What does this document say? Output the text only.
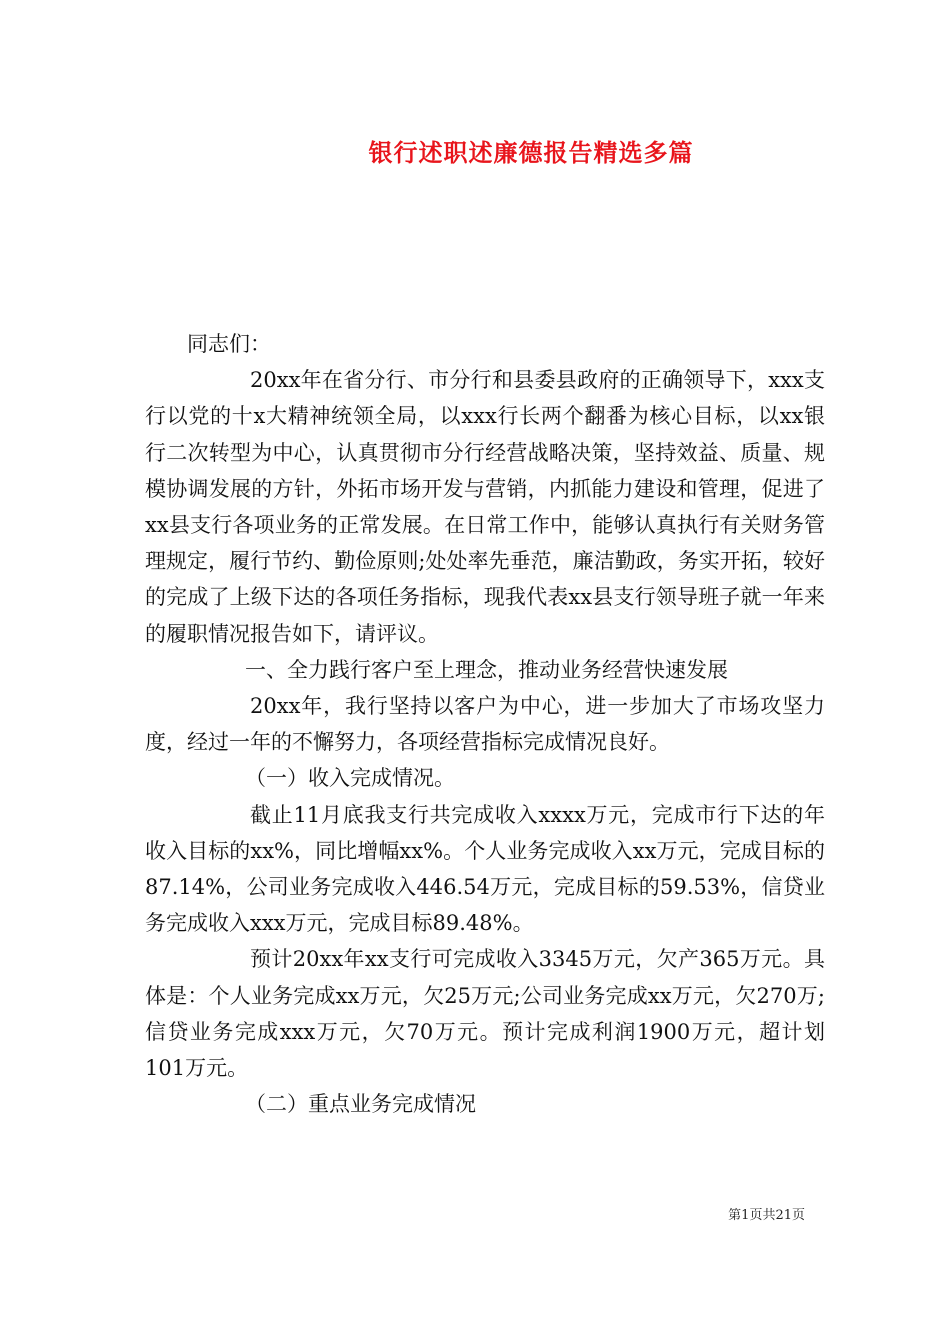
银行述职述廉德报告精选多篇

同志们：

20xx年在省分行、市分行和县委县政府的正确领导下，xxx支行以党的十x大精神统领全局，以xxx行长两个翻番为核心目标，以xx银行二次转型为中心，认真贯彻市分行经营战略决策，坚持效益、质量、规模协调发展的方针，外拓市场开发与营销，内抓能力建设和管理，促进了xx县支行各项业务的正常发展。在日常工作中，能够认真执行有关财务管理规定，履行节约、勤俭原则;处处率先垂范，廉洁勤政，务实开拓，较好的完成了上级下达的各项任务指标，现我代表xx县支行领导班子就一年来的履职情况报告如下，请评议。

一、全力践行客户至上理念，推动业务经营快速发展

20xx年，我行坚持以客户为中心，进一步加大了市场攻坚力度，经过一年的不懈努力，各项经营指标完成情况良好。

（一）收入完成情况。

截止11月底我支行共完成收入xxxx万元，完成市行下达的年收入目标的xx%，同比增幅xx%。个人业务完成收入xx万元，完成目标的87.14%，公司业务完成收入446.54万元，完成目标的59.53%，信贷业务完成收入xxx万元，完成目标89.48%。

预计20xx年xx支行可完成收入3345万元，欠产365万元。具体是：个人业务完成xx万元，欠25万元;公司业务完成xx万元，欠270万;信贷业务完成xxx万元，欠70万元。预计完成利润1900万元，超计划101万元。

（二）重点业务完成情况

第1页共21页
